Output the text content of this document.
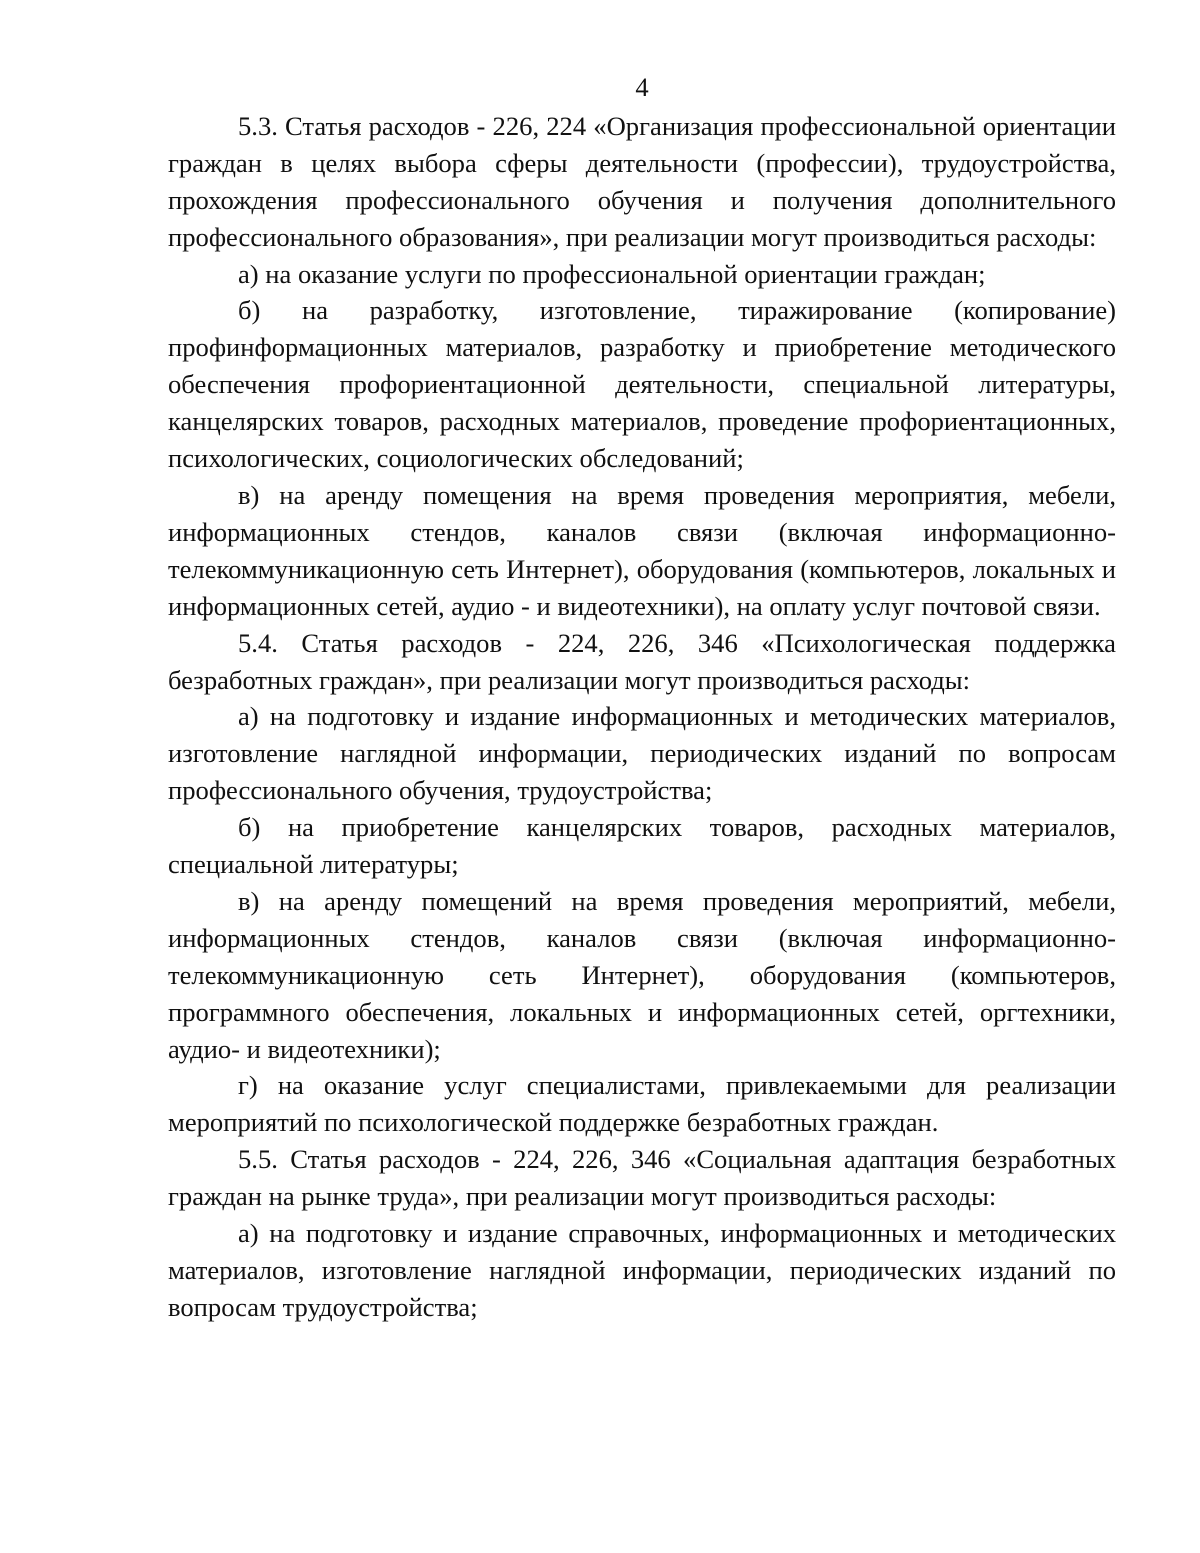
4

5.3. Статья расходов - 226, 224 «Организация профессиональной ориентации граждан в целях выбора сферы деятельности (профессии), трудоустройства, прохождения профессионального обучения и получения дополнительного профессионального образования», при реализации могут производиться расходы:

а) на оказание услуги по профессиональной ориентации граждан;

б) на разработку, изготовление, тиражирование (копирование) профинформационных материалов, разработку и приобретение методического обеспечения профориентационной деятельности, специальной литературы, канцелярских товаров, расходных материалов, проведение профориентационных, психологических, социологических обследований;

в) на аренду помещения на время проведения мероприятия, мебели, информационных стендов, каналов связи (включая информационно-телекоммуникационную сеть Интернет), оборудования (компьютеров, локальных и информационных сетей, аудио - и видеотехники), на оплату услуг почтовой связи.

5.4. Статья расходов - 224, 226, 346 «Психологическая поддержка безработных граждан», при реализации могут производиться расходы:

а) на подготовку и издание информационных и методических материалов, изготовление наглядной информации, периодических изданий по вопросам профессионального обучения, трудоустройства;

б) на приобретение канцелярских товаров, расходных материалов, специальной литературы;

в) на аренду помещений на время проведения мероприятий, мебели, информационных стендов, каналов связи (включая информационно-телекоммуникационную сеть Интернет), оборудования (компьютеров, программного обеспечения, локальных и информационных сетей, оргтехники, аудио- и видеотехники);

г) на оказание услуг специалистами, привлекаемыми для реализации мероприятий по психологической поддержке безработных граждан.

5.5. Статья расходов - 224, 226, 346 «Социальная адаптация безработных граждан на рынке труда», при реализации могут производиться расходы:

а) на подготовку и издание справочных, информационных и методических материалов, изготовление наглядной информации, периодических изданий по вопросам трудоустройства;
